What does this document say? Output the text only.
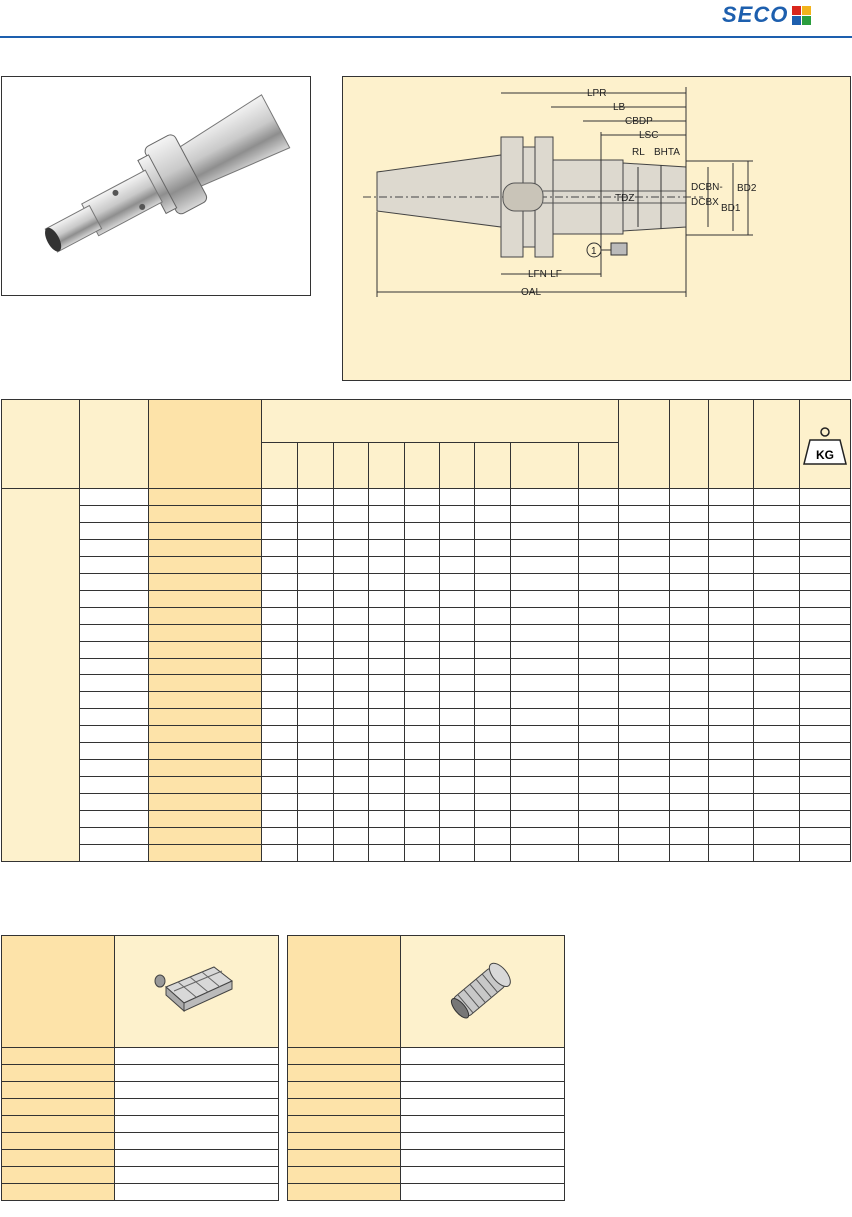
SECO
LPR
LB
CBDP
LSC
RL BHTA
TDZ
DCBN-
DCBX
BD1
BD2
LFN-LF
OAL
1

KG
